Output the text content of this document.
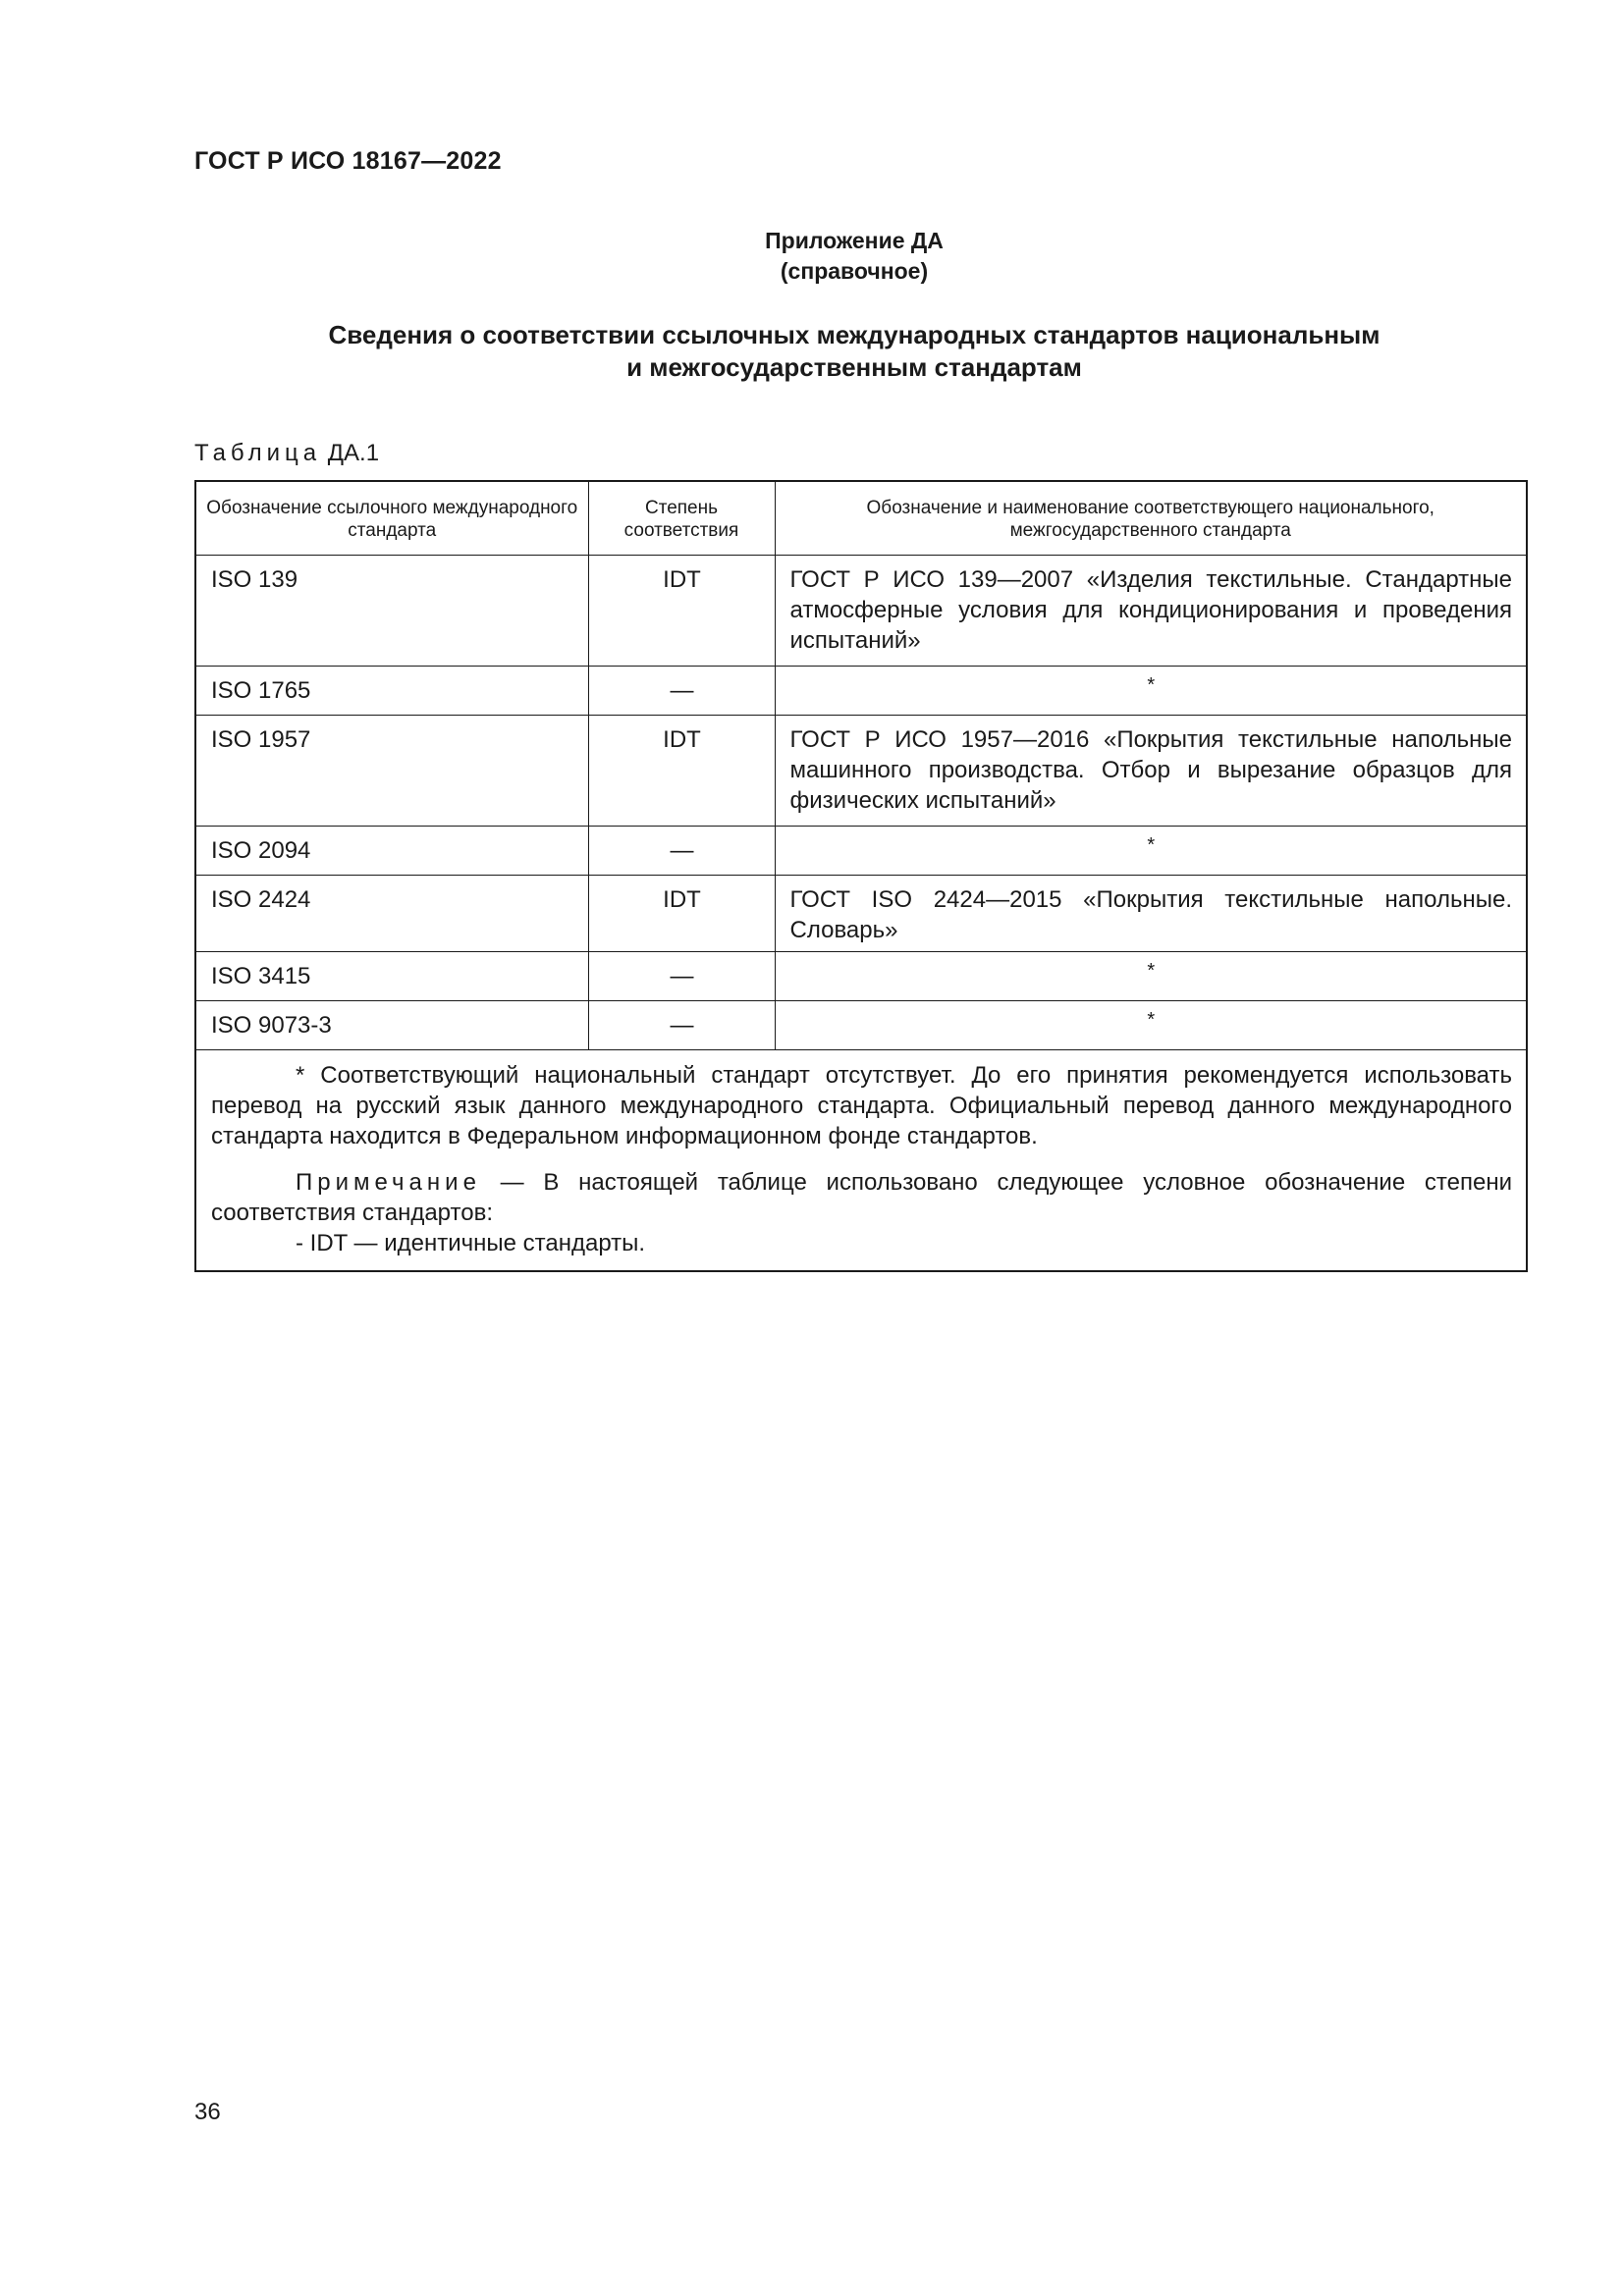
ГОСТ Р ИСО 18167—2022
Приложение ДА
(справочное)
Сведения о соответствии ссылочных международных стандартов национальным
и межгосударственным стандартам
Таблица ДА.1
Обозначение ссылочного международного стандарта	Степень соответствия	Обозначение и наименование соответствующего национального, межгосударственного стандарта
ISO 139	IDT	ГОСТ Р ИСО 139—2007 «Изделия текстильные. Стандартные атмосферные условия для кондиционирования и проведения испытаний»
ISO 1765	—	*
ISO 1957	IDT	ГОСТ Р ИСО 1957—2016 «Покрытия текстильные напольные машинного производства. Отбор и вырезание образцов для физических испытаний»
ISO 2094	—	*
ISO 2424	IDT	ГОСТ ISO 2424—2015 «Покрытия текстильные напольные. Словарь»
ISO 3415	—	*
ISO 9073-3	—	*

* Соответствующий национальный стандарт отсутствует. До его принятия рекомендуется использовать перевод на русский язык данного международного стандарта. Официальный перевод данного международного стандарта находится в Федеральном информационном фонде стандартов.

Примечание — В настоящей таблице использовано следующее условное обозначение степени соответствия стандартов:

- IDT — идентичные стандарты.		

36
